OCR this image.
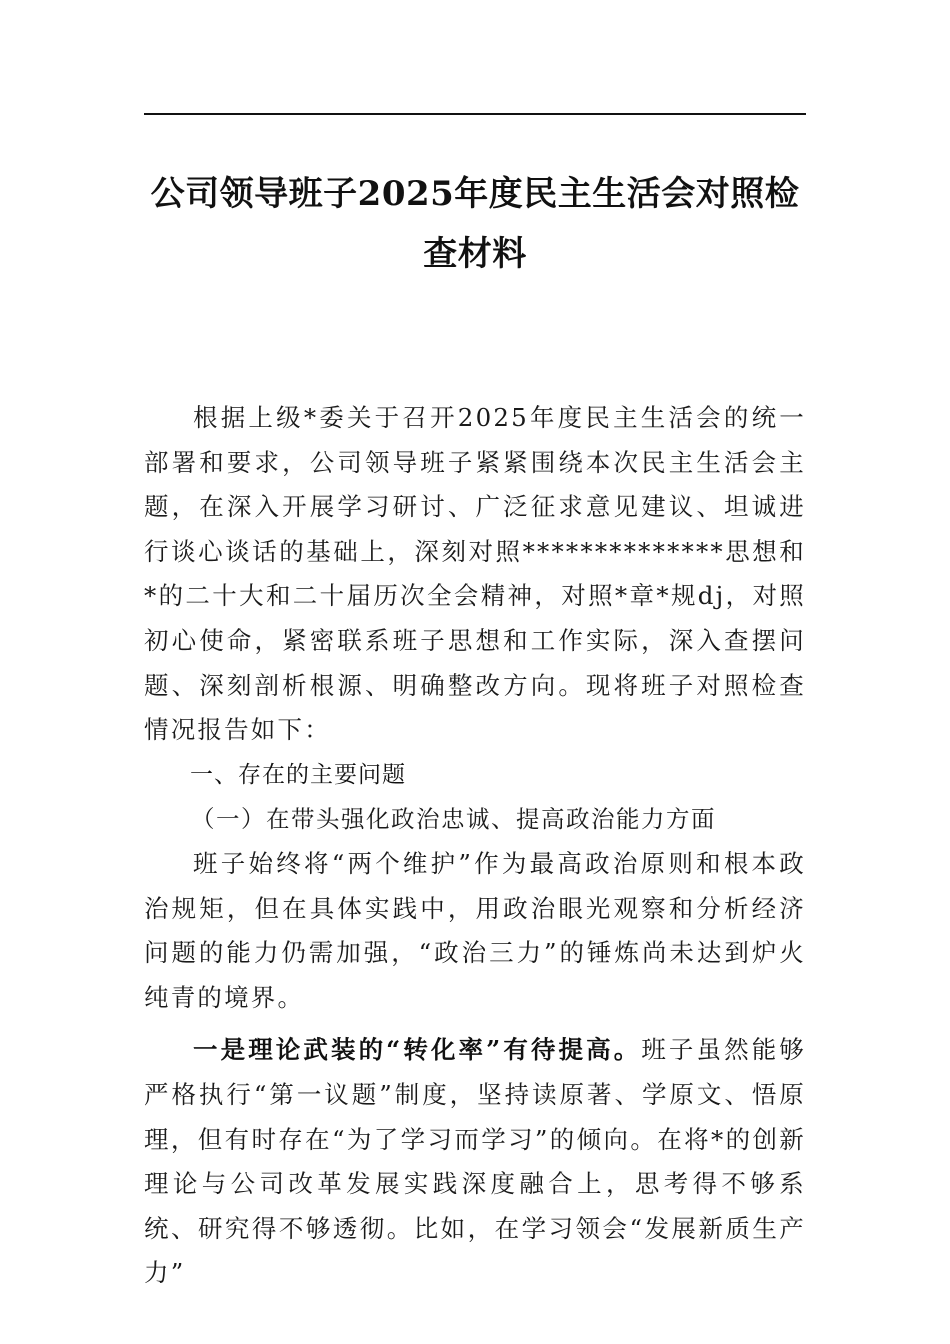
公司领导班子2025年度民主生活会对照检查材料

根据上级*委关于召开2025年度民主生活会的统一部署和要求，公司领导班子紧紧围绕本次民主生活会主题，在深入开展学习研讨、广泛征求意见建议、坦诚进行谈心谈话的基础上，深刻对照**************思想和*的二十大和二十届历次全会精神，对照*章*规dj，对照初心使命，紧密联系班子思想和工作实际，深入查摆问题、深刻剖析根源、明确整改方向。现将班子对照检查情况报告如下：

一、存在的主要问题

（一）在带头强化政治忠诚、提高政治能力方面

班子始终将“两个维护”作为最高政治原则和根本政治规矩，但在具体实践中，用政治眼光观察和分析经济问题的能力仍需加强，“政治三力”的锤炼尚未达到炉火纯青的境界。

一是理论武装的“转化率”有待提高。班子虽然能够严格执行“第一议题”制度，坚持读原著、学原文、悟原理，但有时存在“为了学习而学习”的倾向。在将*的创新理论与公司改革发展实践深度融合上，思考得不够系统、研究得不够透彻。比如，在学习领会“发展新质生产力”
